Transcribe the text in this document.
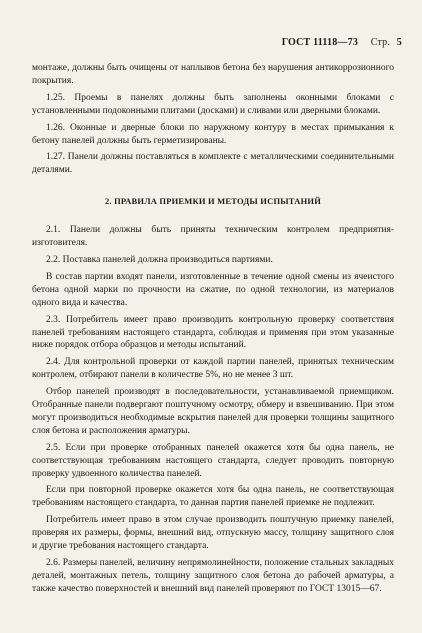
ГОСТ 11118—73 Стр. 5

монтаже, должны быть очищены от наплывов бетона без нарушения антикоррозионного покрытия.

1.25. Проемы в панелях должны быть заполнены оконными блоками с установленными подоконными плитами (досками) и сливами или дверными блоками.

1.26. Оконные и дверные блоки по наружному контуру в местах примыкания к бетону панелей должны быть герметизированы.

1.27. Панели должны поставляться в комплекте с металлическими соединительными деталями.

2. ПРАВИЛА ПРИЕМКИ И МЕТОДЫ ИСПЫТАНИЙ

2.1. Панели должны быть приняты техническим контролем предприятия-изготовителя.

2.2. Поставка панелей должна производиться партиями.

В состав партии входят панели, изготовленные в течение одной смены из ячеистого бетона одной марки по прочности на сжатие, по одной технологии, из материалов одного вида и качества.

2.3. Потребитель имеет право производить контрольную проверку соответствия панелей требованиям настоящего стандарта, соблюдая и применяя при этом указанные ниже порядок отбора образцов и методы испытаний.

2.4. Для контрольной проверки от каждой партии панелей, принятых техническим контролем, отбирают панели в количестве 5%, но не менее 3 шт.

Отбор панелей производят в последовательности, устанавливаемой приемщиком. Отобранные панели подвергают поштучному осмотру, обмеру и взвешиванию. При этом могут производиться необходимые вскрытия панелей для проверки толщины защитного слоя бетона и расположения арматуры.

2.5. Если при проверке отобранных панелей окажется хотя бы одна панель, не соответствующая требованиям настоящего стандарта, следует проводить повторную проверку удвоенного количества панелей.

Если при повторной проверке окажется хотя бы одна панель, не соответствующая требованиям настоящего стандарта, то данная партия панелей приемке не подлежит.

Потребитель имеет право в этом случае производить поштучную приемку панелей, проверяя их размеры, формы, внешний вид, отпускную массу, толщину защитного слоя и другие требования настоящего стандарта.

2.6. Размеры панелей, величину непрямолинейности, положение стальных закладных деталей, монтажных петель, толщину защитного слоя бетона до рабочей арматуры, а также качество поверхностей и внешний вид панелей проверяют по ГОСТ 13015—67.
